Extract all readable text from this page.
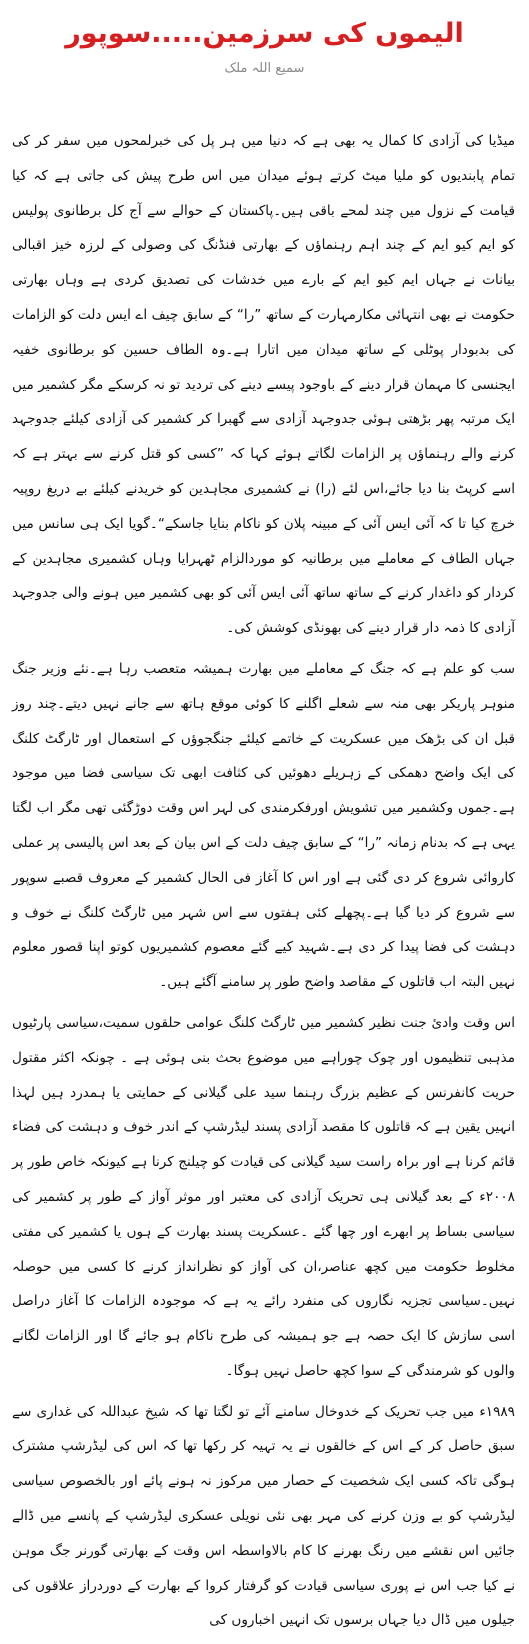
الیموں کی سرزمین.....سوپور
سمیع اللہ ملک

میڈیا کی آزادی کا کمال یہ بھی ہے کہ دنیا میں ہر پل کی خبرلمحوں میں سفر کر کی تمام پابندیوں کو ملیا میٹ کرتے ہوئے میدان میں اس طرح پیش کی جاتی ہے کہ کیا قیامت کے نزول میں چند لمحے باقی ہیں۔پاکستان کے حوالے سے آج کل برطانوی پولیس کو ایم کیو ایم کے چند اہم رہنماؤں کے بھارتی فنڈنگ کی وصولی کے لرزہ خیز اقبالی بیانات نے جہاں ایم کیو ایم کے بارے میں خدشات کی تصدیق کردی ہے وہاں بھارتی حکومت نے بھی انتہائی مکارمہارت کے ساتھ ”را“ کے سابق چیف اے ایس دلت کو الزامات کی بدبودار پوٹلی کے ساتھ میدان میں اتارا ہے۔وہ الطاف حسین کو برطانوی خفیہ ایجنسی کا مہمان قرار دینے کے باوجود پیسے دینے کی تردید تو نہ کرسکے مگر کشمیر میں ایک مرتبہ پھر بڑھتی ہوئی جدوجہد آزادی سے گھبرا کر کشمیر کی آزادی کیلئے جدوجہد کرنے والے رہنماؤں پر الزامات لگاتے ہوئے کہا کہ ”کسی کو قتل کرنے سے بہتر ہے کہ اسے کرپٹ بنا دیا جائے،اس لئے (را) نے کشمیری مجاہدین کو خریدنے کیلئے بے دریغ روپیہ خرچ کیا تا کہ آئی ایس آئی کے مبینہ پلان کو ناکام بنایا جاسکے“۔گویا ایک ہی سانس میں جہاں الطاف کے معاملے میں برطانیہ کو موردالزام ٹھہرایا وہاں کشمیری مجاہدین کے کردار کو داغدار کرنے کے ساتھ ساتھ آئی ایس آئی کو بھی کشمیر میں ہونے والی جدوجہد آزادی کا ذمہ دار قرار دینے کی بھونڈی کوشش کی۔

سب کو علم ہے کہ جنگ کے معاملے میں بھارت ہمیشہ متعصب رہا ہے۔نئے وزیر جنگ منوہر پاریکر بھی منہ سے شعلے اگلنے کا کوئی موقع ہاتھ سے جانے نہیں دیتے۔چند روز قبل ان کی بڑھک میں عسکریت کے خاتمے کیلئے جنگجوؤں کے استعمال اور ٹارگٹ کلنگ کی ایک واضح دھمکی کے زہریلے دھوئیں کی کثافت ابھی تک سیاسی فضا میں موجود ہے۔جموں وکشمیر میں تشویش اورفکرمندی کی لہر اس وقت دوڑگئی تھی مگر اب لگتا یہی ہے کہ بدنام زمانہ ”را“ کے سابق چیف دلت کے اس بیان کے بعد اس پالیسی پر عملی کاروائی شروع کر دی گئی ہے اور اس کا آغاز فی الحال کشمیر کے معروف قصبے سوپور سے شروع کر دیا گیا ہے۔پچھلے کئی ہفتوں سے اس شہر میں ٹارگٹ کلنگ نے خوف و دہشت کی فضا پیدا کر دی ہے۔شہید کیے گئے معصوم کشمیریوں کوتو اپنا قصور معلوم نہیں البتہ اب قاتلوں کے مقاصد واضح طور پر سامنے آگئے ہیں۔

اس وقت وادیٔ جنت نظیر کشمیر میں ٹارگٹ کلنگ عوامی حلقوں سمیت،سیاسی پارٹیوں مذہبی تنظیموں اور چوک چوراہے میں موضوع بحث بنی ہوئی ہے ۔ چونکہ اکثر مقتول حریت کانفرنس کے عظیم بزرگ رہنما سید علی گیلانی کے حمایتی یا ہمدرد ہیں لہذا انہیں یقین ہے کہ قاتلوں کا مقصد آزادی پسند لیڈرشپ کے اندر خوف و دہشت کی فضاء قائم کرنا ہے اور براہ راست سید گیلانی کی قیادت کو چیلنج کرنا ہے کیونکہ خاص طور پر ۲۰۰۸ء کے بعد گیلانی ہی تحریک آزادی کی معتبر اور موثر آواز کے طور پر کشمیر کی سیاسی بساط پر ابھرے اور چھا گئے ۔عسکریت پسند بھارت کے ہوں یا کشمیر کی مفتی مخلوط حکومت میں کچھ عناصر،ان کی آواز کو نظرانداز کرنے کا کسی میں حوصلہ نہیں۔سیاسی تجزیہ نگاروں کی منفرد رائے یہ ہے کہ موجودہ الزامات کا آغاز دراصل اسی سازش کا ایک حصہ ہے جو ہمیشہ کی طرح ناکام ہو جائے گا اور الزامات لگانے والوں کو شرمندگی کے سوا کچھ حاصل نہیں ہوگا۔

۱۹۸۹ء میں جب تحریک کے خدوخال سامنے آئے تو لگتا تھا کہ شیخ عبداللہ کی غداری سے سبق حاصل کر کے اس کے خالقوں نے یہ تہیہ کر رکھا تھا کہ اس کی لیڈرشپ مشترک ہوگی تاکہ کسی ایک شخصیت کے حصار میں مرکوز نہ ہونے پائے اور بالخصوص سیاسی لیڈرشپ کو بے وزن کرنے کی مہر بھی نئی نویلی عسکری لیڈرشپ کے پانسے میں ڈالے جائیں اس نقشے میں رنگ بھرنے کا کام بالاواسطہ اس وقت کے بھارتی گورنر جگ موہن نے کیا جب اس نے پوری سیاسی قیادت کو گرفتار کروا کے بھارت کے دوردراز علاقوں کی جیلوں میں ڈال دیا جہاں برسوں تک انہیں اخباروں کی
